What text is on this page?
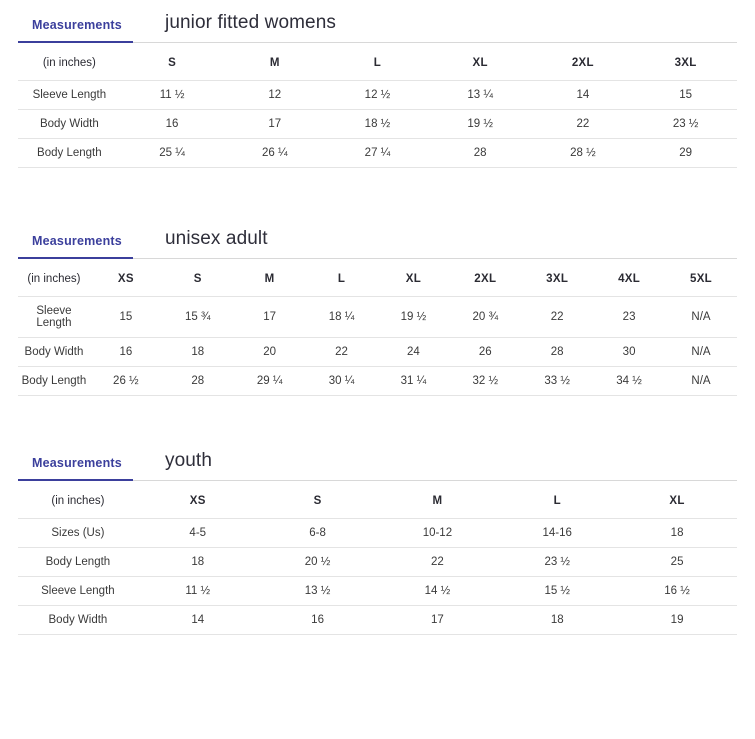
Measurements	junior fitted womens
(in inches)	S	M	L	XL	2XL	3XL
Sleeve Length	11 ½	12	12 ½	13 ¼	14	15
Body Width	16	17	18 ½	19 ½	22	23 ½
Body Length	25 ¼	26 ¼	27 ¼	28	28 ½	29
Measurements	unisex adult
(in inches)	XS	S	M	L	XL	2XL	3XL	4XL	5XL
Sleeve Length	15	15 ¾	17	18 ¼	19 ½	20 ¾	22	23	N/A
Body Width	16	18	20	22	24	26	28	30	N/A
Body Length	26 ½	28	29 ¼	30 ¼	31 ¼	32 ½	33 ½	34 ½	N/A
Measurements	youth
(in inches)	XS	S	M	L	XL
Sizes (Us)	4-5	6-8	10-12	14-16	18
Body Length	18	20 ½	22	23 ½	25
Sleeve Length	11 ½	13 ½	14 ½	15 ½	16 ½
Body Width	14	16	17	18	19
